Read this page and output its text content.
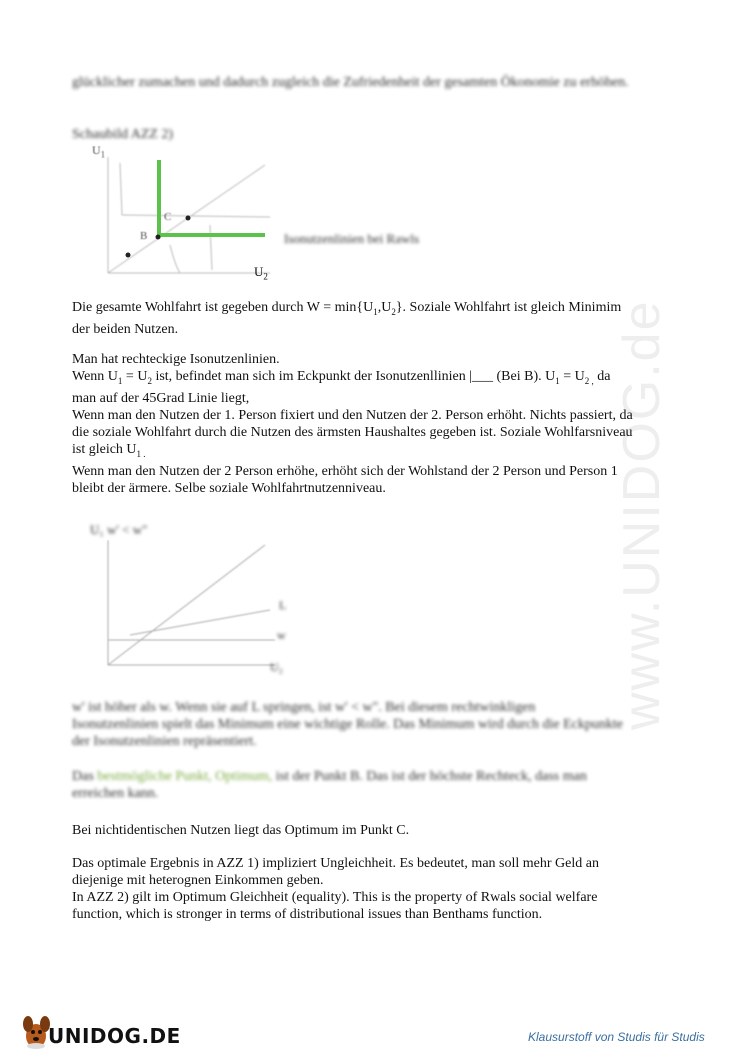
www.UNIDOG.de
glücklicher zumachen und dadurch zugleich die Zufriedenheit der gesamten Ökonomie zu erhöhen.
Schaubild AZZ 2)
$U_1$
C
B	Isonutzenlinien bei Rawls
$U_2$
Die gesamte Wohlfahrt ist gegeben durch $W = \min\{U_1,U_2\}$. Soziale Wohlfahrt ist gleich Minimim
der beiden Nutzen.
Man hat rechteckige Isonutzenlinien.
Wenn $U_1 = U_2$ ist, befindet man sich im Eckpunkt der Isonutzenllinien |___ (Bei B). $U_1 = U_{2 ,}$ da
man auf der 45Grad Linie liegt,
Wenn man den Nutzen der 1. Person fixiert und den Nutzen der 2. Person erhöht. Nichts passiert, da
die soziale Wohlfahrt durch die Nutzen des ärmsten Haushaltes gegeben ist. Soziale Wohlfarsniveau
ist gleich $U_{1 .}$
Wenn man den Nutzen der 2 Person erhöhe, erhöht sich der Wohlstand der 2 Person und Person 1
bleibt der ärmere. Selbe soziale Wohlfahrtnutzenniveau.
U₁ w' < w"
L
w
U₂
w' ist höher als w. Wenn sie auf L springen, ist w' < w". Bei diesem rechtwinkligen
Isonutzenlinien spielt das Minimum eine wichtige Rolle. Das Minimum wird durch die Eckpunkte
der Isonutzenlinien repräsentiert.
Das bestmögliche Punkt, Optimum, ist der Punkt B. Das ist der höchste Rechteck, dass man
erreichen kann.
Bei nichtidentischen Nutzen liegt das Optimum im Punkt C.
Das optimale Ergebnis in AZZ 1) impliziert Ungleichheit. Es bedeutet, man soll mehr Geld an
diejenige mit heterognen Einkommen geben.
In AZZ 2) gilt im Optimum Gleichheit (equality). This is the property of Rwals social welfare
function, which is stronger in terms of distributional issues than Benthams function.
UNIDOG.DE	Klausurstoff von Studis für Studis
